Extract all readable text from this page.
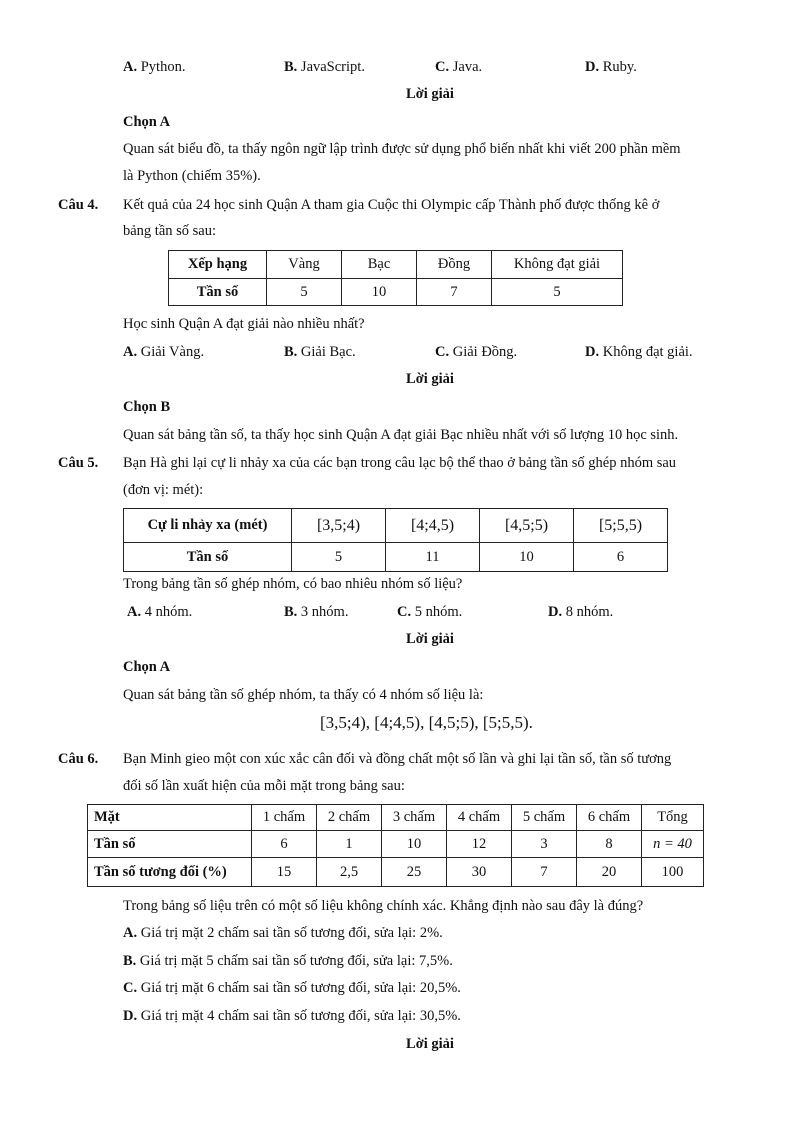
A. Python.	B. JavaScript.	C. Java.	D. Ruby.
Lời giải
Chọn A
Quan sát biểu đồ, ta thấy ngôn ngữ lập trình được sử dụng phổ biến nhất khi viết 200 phần mềm
là Python (chiếm 35%).
Câu 4. Kết quả của 24 học sinh Quận A tham gia Cuộc thi Olympic cấp Thành phố được thống kê ở
bảng tần số sau:
Xếp hạng	Vàng	Bạc	Đồng	Không đạt giải
Tần số	5	10	7	5
Học sinh Quận A đạt giải nào nhiều nhất?
A. Giải Vàng.	B. Giải Bạc.	C. Giải Đồng.	D. Không đạt giải.
Lời giải
Chọn B
Quan sát bảng tần số, ta thấy học sinh Quận A đạt giải Bạc nhiều nhất với số lượng 10 học sinh.
Câu 5. Bạn Hà ghi lại cự li nhảy xa của các bạn trong câu lạc bộ thể thao ở bảng tần số ghép nhóm sau
(đơn vị: mét):
Cự li nhảy xa (mét)	[3,5;4)	[4;4,5)	[4,5;5)	[5;5,5)
Tần số	5	11	10	6
Trong bảng tần số ghép nhóm, có bao nhiêu nhóm số liệu?
A. 4 nhóm.	B. 3 nhóm.	C. 5 nhóm.	D. 8 nhóm.
Lời giải
Chọn A
Quan sát bảng tần số ghép nhóm, ta thấy có 4 nhóm số liệu là:
[3,5;4), [4;4,5), [4,5;5), [5;5,5).
Câu 6. Bạn Minh gieo một con xúc xắc cân đối và đồng chất một số lần và ghi lại tần số, tần số tương
đối số lần xuất hiện của mỗi mặt trong bảng sau:
Mặt	1 chấm	2 chấm	3 chấm	4 chấm	5 chấm	6 chấm	Tổng
Tần số	6	1	10	12	3	8	n = 40
Tần số tương đối (%)	15	2,5	25	30	7	20	100
Trong bảng số liệu trên có một số liệu không chính xác. Khẳng định nào sau đây là đúng?
A. Giá trị mặt 2 chấm sai tần số tương đối, sửa lại: 2%.
B. Giá trị mặt 5 chấm sai tần số tương đối, sửa lại: 7,5%.
C. Giá trị mặt 6 chấm sai tần số tương đối, sửa lại: 20,5%.
D. Giá trị mặt 4 chấm sai tần số tương đối, sửa lại: 30,5%.
Lời giải
